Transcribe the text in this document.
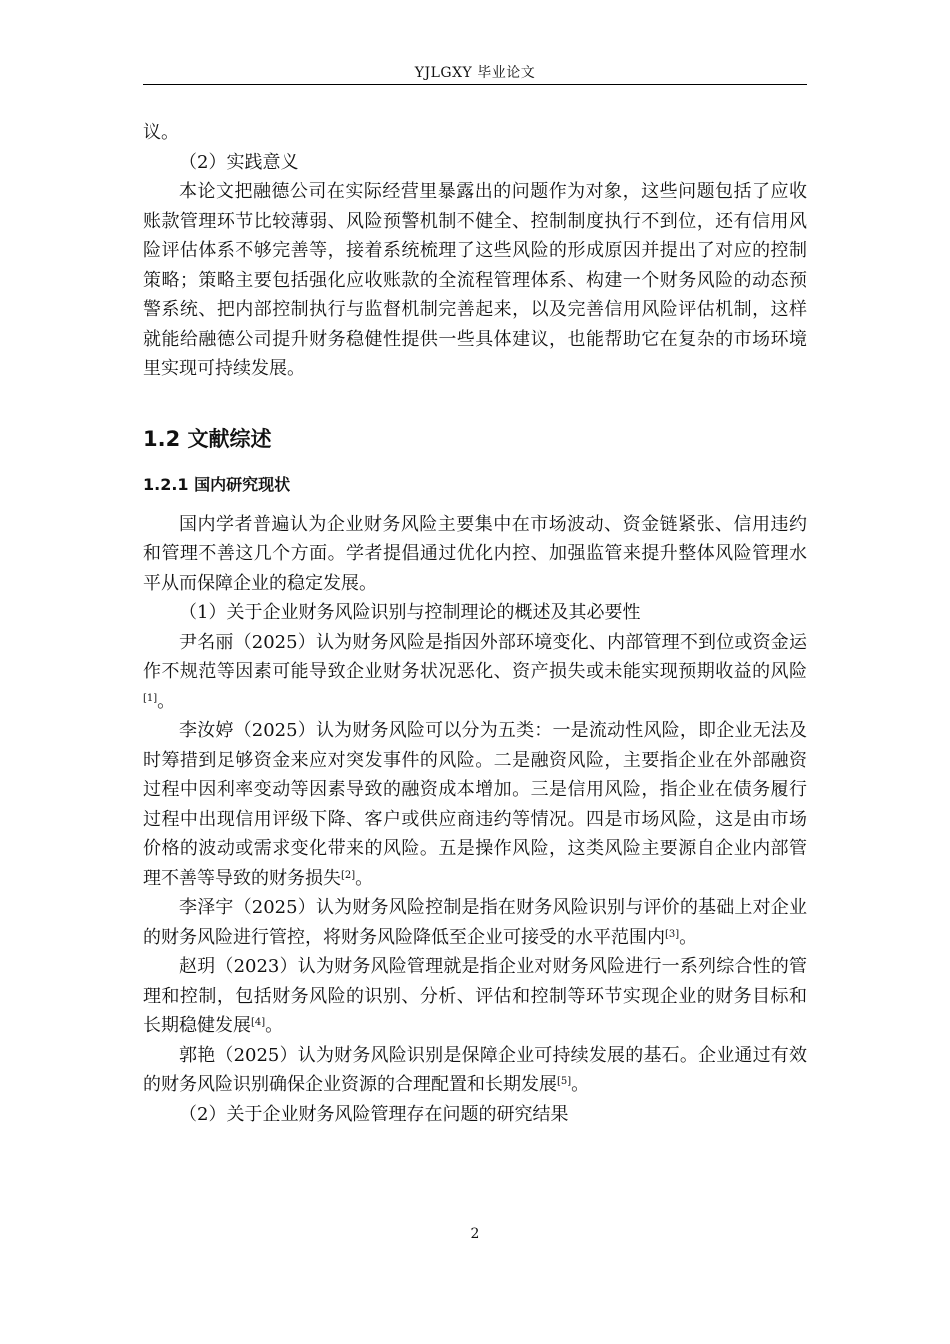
YJLGXY 毕业论文

议。

（2）实践意义

本论文把融德公司在实际经营里暴露出的问题作为对象，这些问题包括了应收账款管理环节比较薄弱、风险预警机制不健全、控制制度执行不到位，还有信用风险评估体系不够完善等，接着系统梳理了这些风险的形成原因并提出了对应的控制策略；策略主要包括强化应收账款的全流程管理体系、构建一个财务风险的动态预警系统、把内部控制执行与监督机制完善起来，以及完善信用风险评估机制，这样就能给融德公司提升财务稳健性提供一些具体建议，也能帮助它在复杂的市场环境里实现可持续发展。

1.2 文献综述
1.2.1 国内研究现状

国内学者普遍认为企业财务风险主要集中在市场波动、资金链紧张、信用违约和管理不善这几个方面。学者提倡通过优化内控、加强监管来提升整体风险管理水平从而保障企业的稳定发展。

（1）关于企业财务风险识别与控制理论的概述及其必要性

尹名丽（2025）认为财务风险是指因外部环境变化、内部管理不到位或资金运作不规范等因素可能导致企业财务状况恶化、资产损失或未能实现预期收益的风险[1]。

李汝婷（2025）认为财务风险可以分为五类：一是流动性风险，即企业无法及时筹措到足够资金来应对突发事件的风险。二是融资风险，主要指企业在外部融资过程中因利率变动等因素导致的融资成本增加。三是信用风险，指企业在债务履行过程中出现信用评级下降、客户或供应商违约等情况。四是市场风险，这是由市场价格的波动或需求变化带来的风险。五是操作风险，这类风险主要源自企业内部管理不善等导致的财务损失[2]。

李泽宇（2025）认为财务风险控制是指在财务风险识别与评价的基础上对企业的财务风险进行管控，将财务风险降低至企业可接受的水平范围内[3]。

赵玥（2023）认为财务风险管理就是指企业对财务风险进行一系列综合性的管理和控制，包括财务风险的识别、分析、评估和控制等环节实现企业的财务目标和长期稳健发展[4]。

郭艳（2025）认为财务风险识别是保障企业可持续发展的基石。企业通过有效的财务风险识别确保企业资源的合理配置和长期发展[5]。

（2）关于企业财务风险管理存在问题的研究结果

2
